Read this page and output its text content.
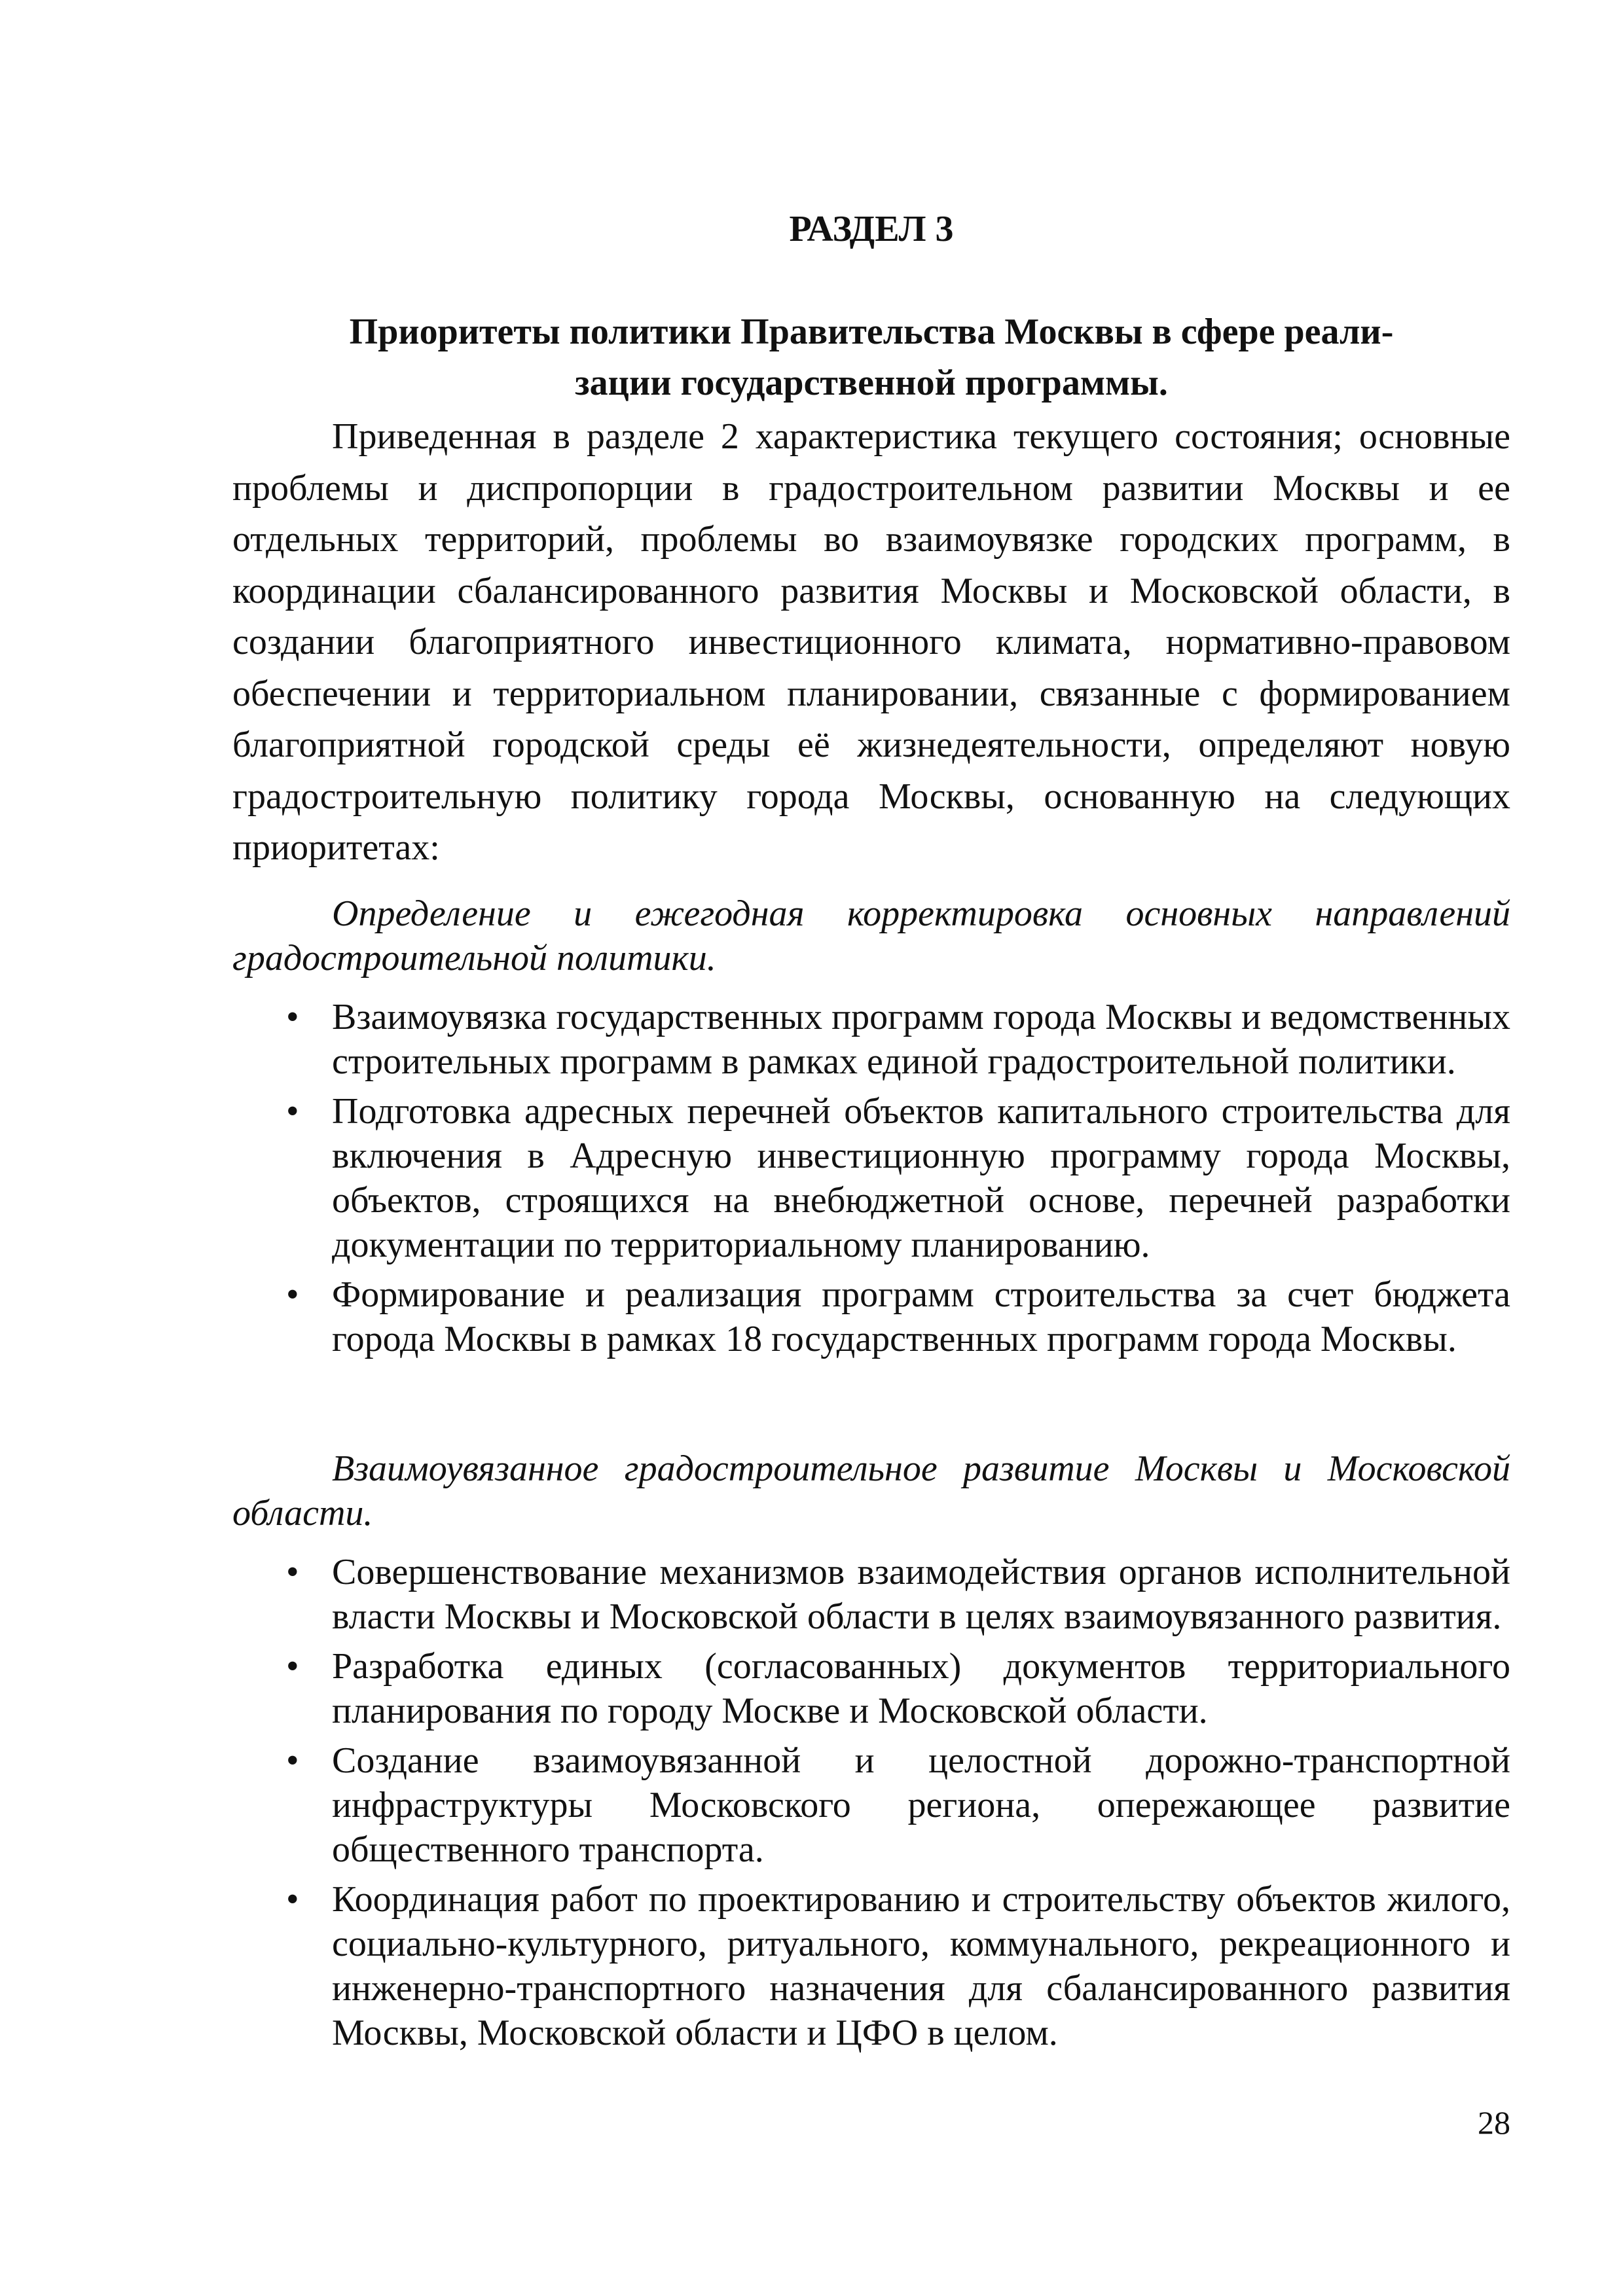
РАЗДЕЛ 3
Приоритеты политики Правительства Москвы в сфере реали-
зации государственной программы.

Приведенная в разделе 2 характеристика текущего состояния; основные проблемы и диспропорции в градостроительном развитии Москвы и ее отдельных территорий, проблемы во взаимоувязке городских программ, в координации сбалансированного развития Москвы и Московской области, в создании благоприятного инвестиционного климата, нормативно-правовом обеспечении и территориальном планировании, связанные с формированием благоприятной городской среды её жизнедеятельности, определяют новую градостроительную политику города Москвы, основанную на следующих приоритетах:

Определение и ежегодная корректировка основных направлений градостроительной политики.

• Взаимоувязка государственных программ города Москвы и ведомственных строительных программ в рамках единой градостроительной политики.
• Подготовка адресных перечней объектов капитального строительства для включения в Адресную инвестиционную программу города Москвы, объектов, строящихся на внебюджетной основе, перечней разработки документации по территориальному планированию.
• Формирование и реализация программ строительства за счет бюджета города Москвы в рамках 18 государственных программ города Москвы.

Взаимоувязанное градостроительное развитие Москвы и Московской области.

• Совершенствование механизмов взаимодействия органов исполнительной власти Москвы и Московской области в целях взаимоувязанного развития.
• Разработка единых (согласованных) документов территориального планирования по городу Москве и Московской области.
• Создание взаимоувязанной и целостной дорожно-транспортной инфраструктуры Московского региона, опережающее развитие общественного транспорта.
• Координация работ по проектированию и строительству объектов жилого, социально-культурного, ритуального, коммунального, рекреационного и инженерно-транспортного назначения для сбалансированного развития Москвы, Московской области и ЦФО в целом.

28
